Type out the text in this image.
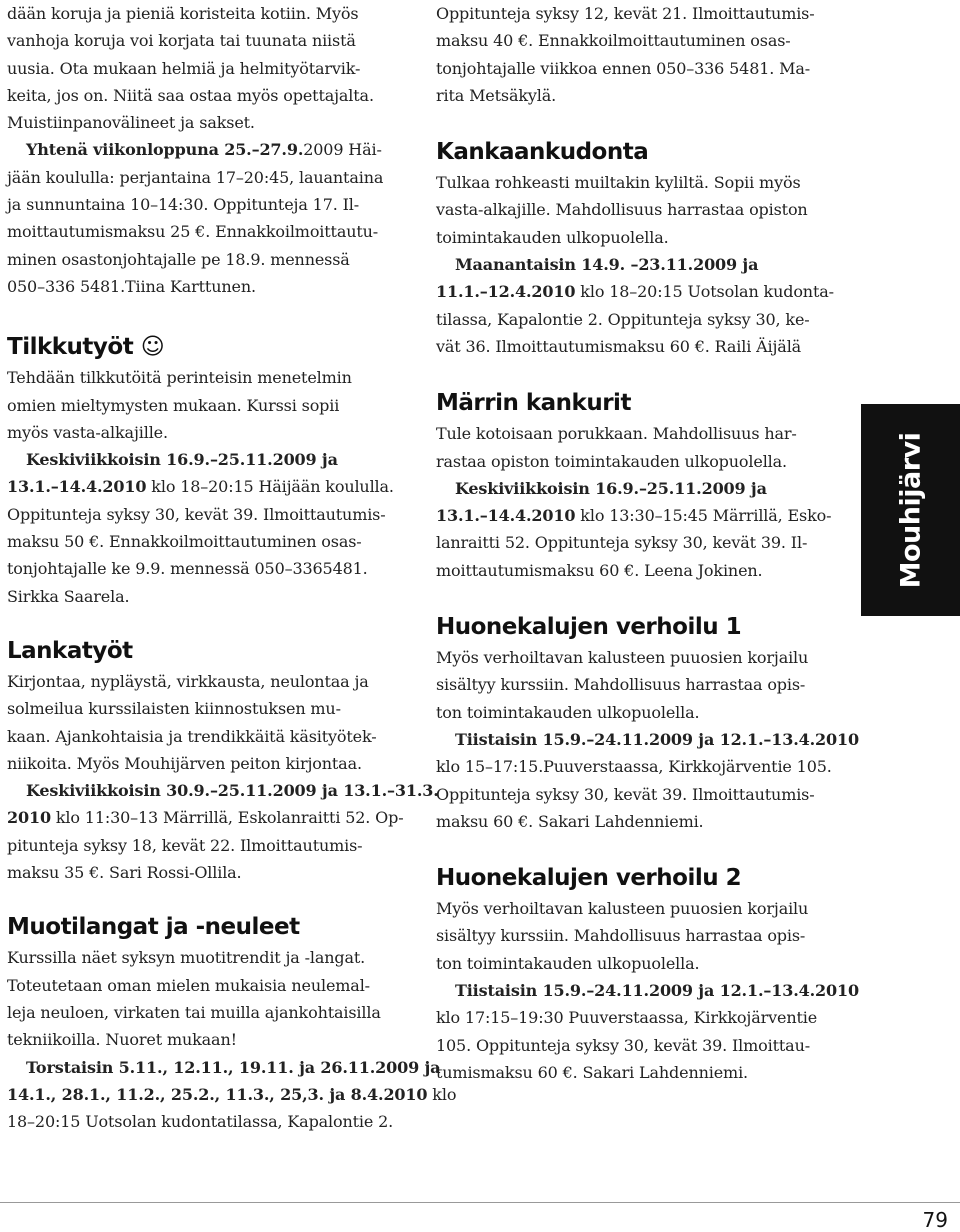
dään koruja ja pieniä koristeita kotiin. Myös
vanhoja koruja voi korjata tai tuunata niistä
uusia. Ota mukaan helmiä ja helmityötarvik-
keita, jos on. Niitä saa ostaa myös opettajalta.
Muistiinpanovälineet ja sakset.
Yhtenä viikonloppuna 25.–27.9.2009 Häi-
jään koululla: perjantaina 17–20:45, lauantaina
ja sunnuntaina 10–14:30. Oppitunteja 17. Il-
moittautumismaksu 25 €. Ennakkoilmoittautu-
minen osastonjohtajalle pe 18.9. mennessä
050–336 5481.Tiina Karttunen.
Tilkkutyöt ☺
Tehdään tilkkutöitä perinteisin menetelmin
omien mieltymysten mukaan. Kurssi sopii
myös vasta-alkajille.
Keskiviikkoisin 16.9.–25.11.2009 ja
13.1.–14.4.2010 klo 18–20:15 Häijään koululla.
Oppitunteja syksy 30, kevät 39. Ilmoittautumis-
maksu 50 €. Ennakkoilmoittautuminen osas-
tonjohtajalle ke 9.9. mennessä 050–3365481.
Sirkka Saarela.
Lankatyöt
Kirjontaa, nypläystä, virkkausta, neulontaa ja
solmeilua kurssilaisten kiinnostuksen mu-
kaan. Ajankohtaisia ja trendikkäitä käsityötek-
niikoita. Myös Mouhijärven peiton kirjontaa.
Keskiviikkoisin 30.9.–25.11.2009 ja 13.1.–31.3.
2010 klo 11:30–13 Märrillä, Eskolanraitti 52. Op-
pitunteja syksy 18, kevät 22. Ilmoittautumis-
maksu 35 €. Sari Rossi-Ollila.
Muotilangat ja -neuleet
Kurssilla näet syksyn muotitrendit ja -langat.
Toteutetaan oman mielen mukaisia neulemal-
leja neuloen, virkaten tai muilla ajankohtaisilla
tekniikoilla. Nuoret mukaan!
Torstaisin 5.11., 12.11., 19.11. ja 26.11.2009 ja
14.1., 28.1., 11.2., 25.2., 11.3., 25,3. ja 8.4.2010 klo
18–20:15 Uotsolan kudontatilassa, Kapalontie 2.
Oppitunteja syksy 12, kevät 21. Ilmoittautumis-
maksu 40 €. Ennakkoilmoittautuminen osas-
tonjohtajalle viikkoa ennen 050–336 5481. Ma-
rita Metsäkylä.
Kankaankudonta
Tulkaa rohkeasti muiltakin kyliltä. Sopii myös
vasta-alkajille. Mahdollisuus harrastaa opiston
toimintakauden ulkopuolella.
Maanantaisin 14.9. –23.11.2009 ja
11.1.–12.4.2010 klo 18–20:15 Uotsolan kudonta-
tilassa, Kapalontie 2. Oppitunteja syksy 30, ke-
vät 36. Ilmoittautumismaksu 60 €. Raili Äijälä
Märrin kankurit
Tule kotoisaan porukkaan. Mahdollisuus har-
rastaa opiston toimintakauden ulkopuolella.
Keskiviikkoisin 16.9.–25.11.2009 ja
13.1.–14.4.2010 klo 13:30–15:45 Märrillä, Esko-
lanraitti 52. Oppitunteja syksy 30, kevät 39. Il-
moittautumismaksu 60 €. Leena Jokinen.
Huonekalujen verhoilu 1
Myös verhoiltavan kalusteen puuosien korjailu
sisältyy kurssiin. Mahdollisuus harrastaa opis-
ton toimintakauden ulkopuolella.
Tiistaisin 15.9.–24.11.2009 ja 12.1.–13.4.2010
klo 15–17:15.Puuverstaassa, Kirkkojärventie 105.
Oppitunteja syksy 30, kevät 39. Ilmoittautumis-
maksu 60 €. Sakari Lahdenniemi.
Huonekalujen verhoilu 2
Myös verhoiltavan kalusteen puuosien korjailu
sisältyy kurssiin. Mahdollisuus harrastaa opis-
ton toimintakauden ulkopuolella.
Tiistaisin 15.9.–24.11.2009 ja 12.1.–13.4.2010
klo 17:15–19:30 Puuverstaassa, Kirkkojärventie
105. Oppitunteja syksy 30, kevät 39. Ilmoittau-
tumismaksu 60 €. Sakari Lahdenniemi.
Mouhijärvi
79
